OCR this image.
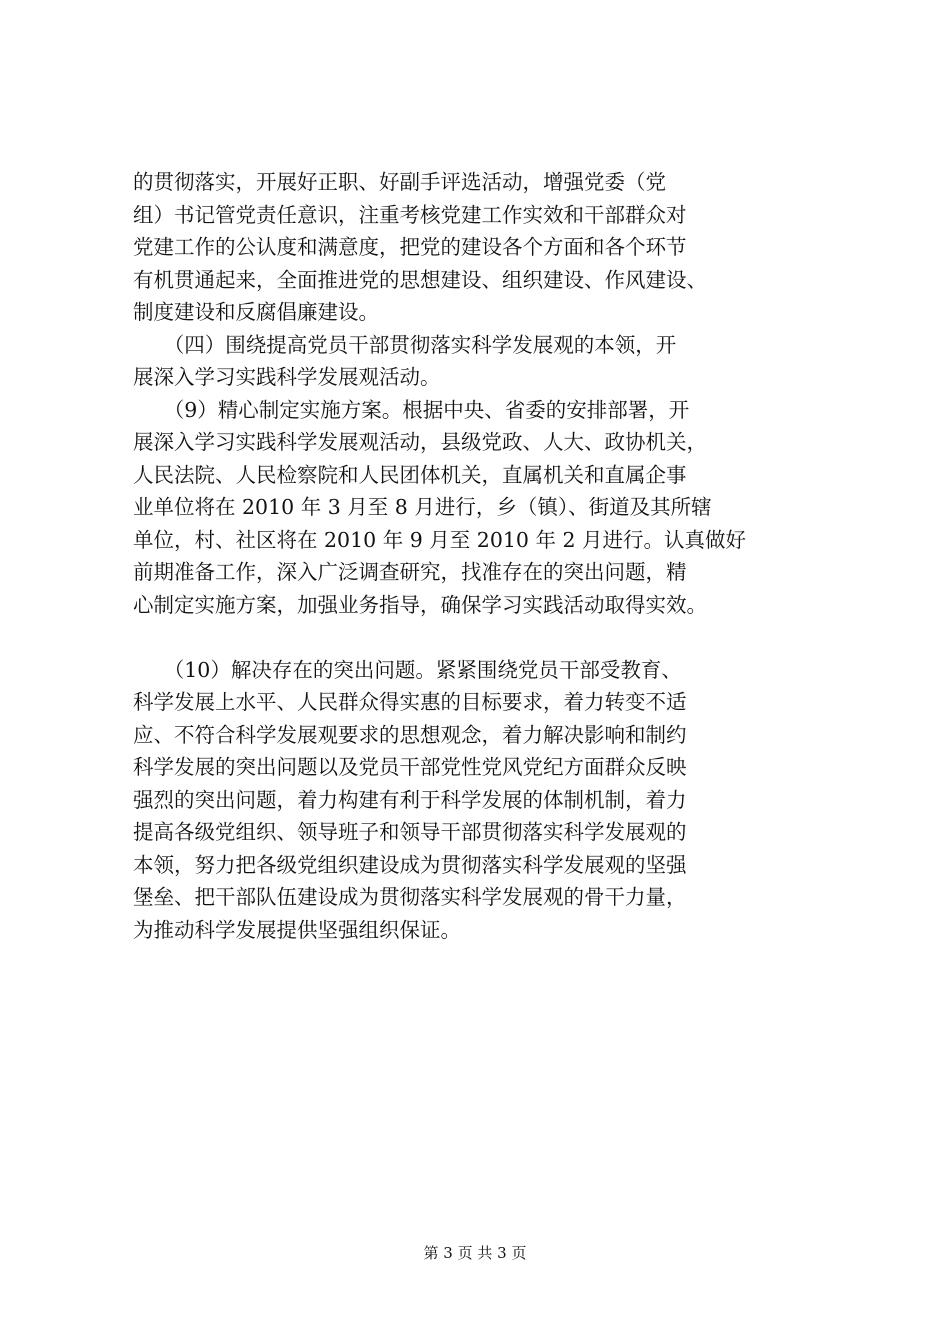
的贯彻落实，开展好正职、好副手评选活动，增强党委（党
组）书记管党责任意识，注重考核党建工作实效和干部群众对
党建工作的公认度和满意度，把党的建设各个方面和各个环节
有机贯通起来，全面推进党的思想建设、组织建设、作风建设、
制度建设和反腐倡廉建设。
　　（四）围绕提高党员干部贯彻落实科学发展观的本领，开
展深入学习实践科学发展观活动。
　　（9）精心制定实施方案。根据中央、省委的安排部署，开
展深入学习实践科学发展观活动，县级党政、人大、政协机关，
人民法院、人民检察院和人民团体机关，直属机关和直属企事
业单位将在 2010 年 3 月至 8 月进行，乡（镇）、街道及其所辖
单位，村、社区将在 2010 年 9 月至 2010 年 2 月进行。认真做好
前期准备工作，深入广泛调查研究，找准存在的突出问题，精
心制定实施方案，加强业务指导，确保学习实践活动取得实效。
　　（10）解决存在的突出问题。紧紧围绕党员干部受教育、
科学发展上水平、人民群众得实惠的目标要求，着力转变不适
应、不符合科学发展观要求的思想观念，着力解决影响和制约
科学发展的突出问题以及党员干部党性党风党纪方面群众反映
强烈的突出问题，着力构建有利于科学发展的体制机制，着力
提高各级党组织、领导班子和领导干部贯彻落实科学发展观的
本领，努力把各级党组织建设成为贯彻落实科学发展观的坚强
堡垒、把干部队伍建设成为贯彻落实科学发展观的骨干力量，
为推动科学发展提供坚强组织保证。
第 3 页 共 3 页
